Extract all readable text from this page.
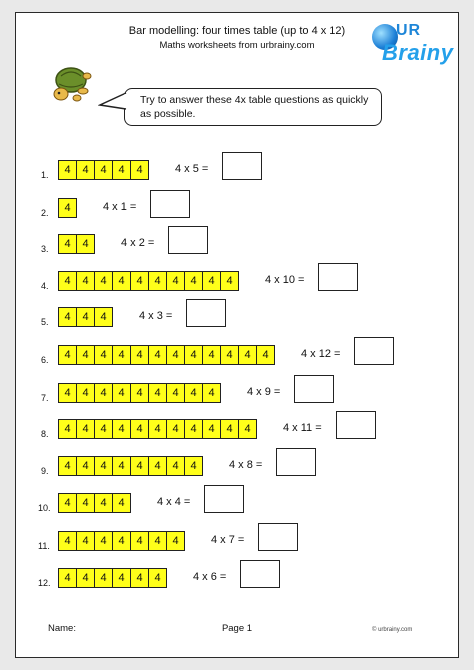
Bar modelling: four times table (up to 4 x 12)
Maths worksheets from urbrainy.com
UR
Brainy
Try to answer these 4x table questions as quickly as possible.
1.	4	4	4	4	4	4 x 5 =
2.	4	4 x 1 =
3.	4	4	4 x 2 =
4.	4	4	4	4	4	4	4	4	4	4	4 x 10 =
5.	4	4	4	4 x 3 =
6.	4	4	4	4	4	4	4	4	4	4	4	4	4 x 12 =
7.	4	4	4	4	4	4	4	4	4	4 x 9 =
8.	4	4	4	4	4	4	4	4	4	4	4	4 x 11 =
9.	4	4	4	4	4	4	4	4	4 x 8 =
10.	4	4	4	4	4 x 4 =
11.	4	4	4	4	4	4	4	4 x 7 =
12.	4	4	4	4	4	4	4 x 6 =
Name:	Page 1	© urbrainy.com
